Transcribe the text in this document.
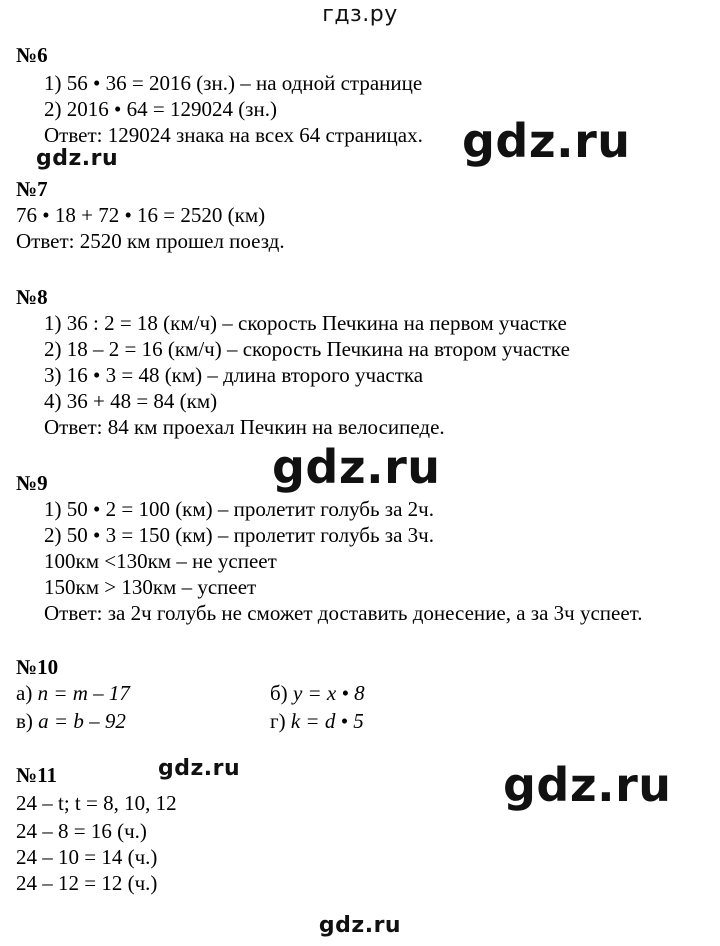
гдз.ру
№6
1) 56 • 36 = 2016 (зн.) – на одной странице
2) 2016 • 64 = 129024 (зн.)
Ответ: 129024 знака на всех 64 страницах. gdz.ru
gdz.ru
№7
76 • 18 + 72 • 16 = 2520 (км)
Ответ: 2520 км прошел поезд.
№8
1) 36 : 2 = 18 (км/ч) – скорость Печкина на первом участке
2) 18 – 2 = 16 (км/ч) – скорость Печкина на втором участке
3) 16 • 3 = 48 (км) – длина второго участка
4) 36 + 48 = 84 (км)
Ответ: 84 км проехал Печкин на велосипеде.
gdz.ru
№9
1) 50 • 2 = 100 (км) – пролетит голубь за 2ч.
2) 50 • 3 = 150 (км) – пролетит голубь за 3ч.
100км <130км – не успеет
150км > 130км – успеет
Ответ: за 2ч голубь не сможет доставить донесение, а за 3ч успеет.
№10
а) n = m – 17	б) y = x • 8
в) a = b – 92	г) k = d • 5
№11	gdz.ru	gdz.ru
24 – t; t = 8, 10, 12
24 – 8 = 16 (ч.)
24 – 10 = 14 (ч.)
24 – 12 = 12 (ч.)
gdz.ru
